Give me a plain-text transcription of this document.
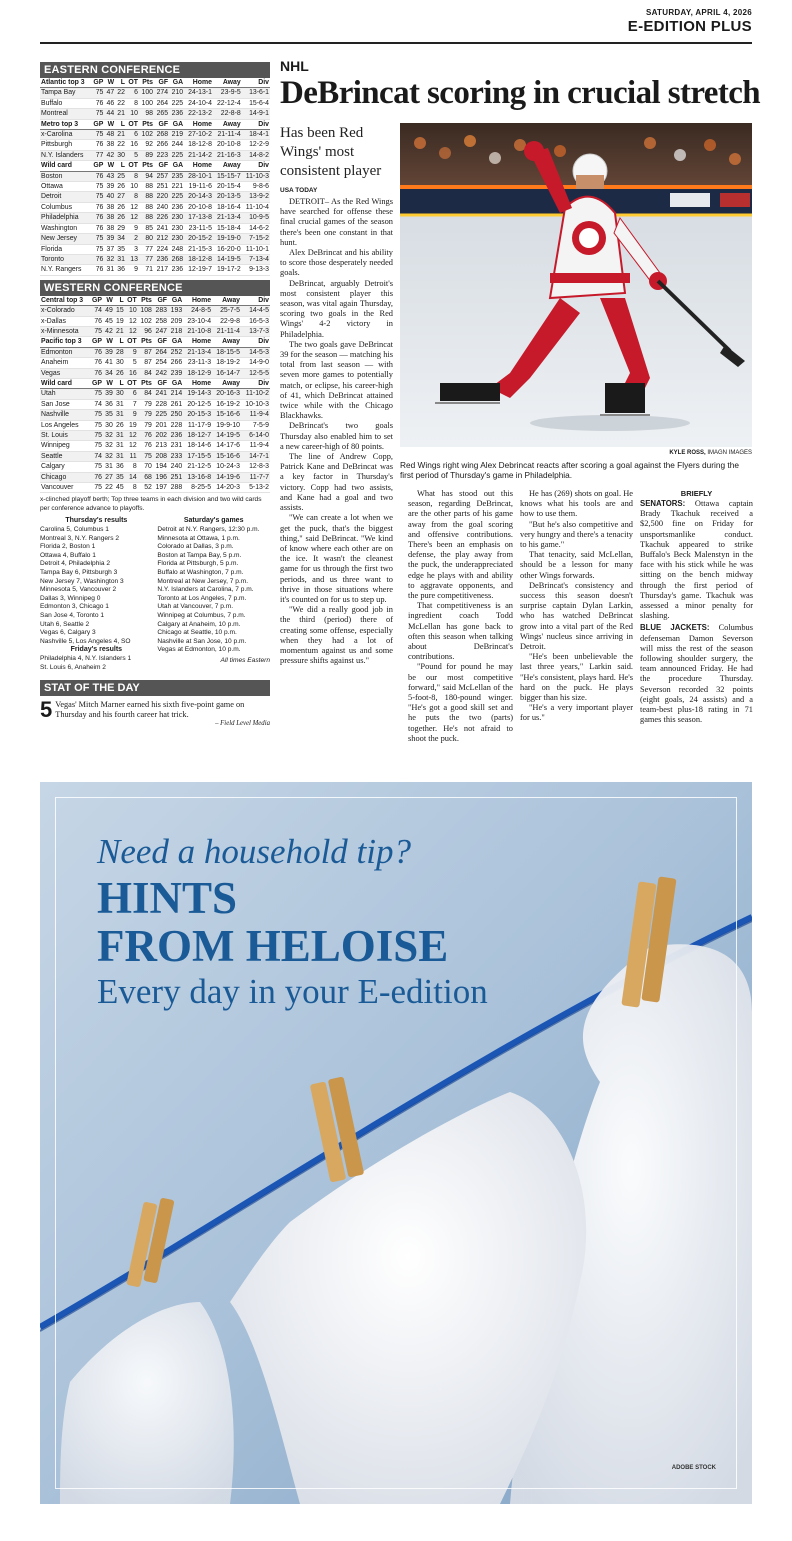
SATURDAY, APRIL 4, 2026
E-EDITION PLUS
EASTERN CONFERENCE
Atlantic top 3	GP	W	L	OT	Pts	GF	GA	Home	Away	Div
Tampa Bay	75	47	22	6	100	274	210	24-13-1	23-9-5	13-6-1
Buffalo	76	46	22	8	100	264	225	24-10-4	22-12-4	15-6-4
Montreal	75	44	21	10	98	265	236	22-13-2	22-8-8	14-9-1
Metro top 3	GP	W	L	OT	Pts	GF	GA	Home	Away	Div
x-Carolina	75	48	21	6	102	268	219	27-10-2	21-11-4	18-4-1
Pittsburgh	76	38	22	16	92	266	244	18-12-8	20-10-8	12-2-9
N.Y. Islanders	77	42	30	5	89	223	225	21-14-2	21-16-3	14-8-2
Wild card	GP	W	L	OT	Pts	GF	GA	Home	Away	Div
Boston	76	43	25	8	94	257	235	28-10-1	15-15-7	11-10-3
Ottawa	75	39	26	10	88	251	221	19-11-6	20-15-4	9-8-6
Detroit	75	40	27	8	88	220	225	20-14-3	20-13-5	13-9-2
Columbus	76	38	26	12	88	240	236	20-10-8	18-16-4	11-10-4
Philadelphia	76	38	26	12	88	226	230	17-13-8	21-13-4	10-9-5
Washington	76	38	29	9	85	241	230	23-11-5	15-18-4	14-6-2
New Jersey	75	39	34	2	80	212	230	20-15-2	19-19-0	7-15-2
Florida	75	37	35	3	77	224	248	21-15-3	16-20-0	11-10-1
Toronto	76	32	31	13	77	236	268	18-12-8	14-19-5	7-13-4
N.Y. Rangers	76	31	36	9	71	217	236	12-19-7	19-17-2	9-13-3
WESTERN CONFERENCE
Central top 3	GP	W	L	OT	Pts	GF	GA	Home	Away	Div
x-Colorado	74	49	15	10	108	283	193	24-8-5	25-7-5	14-4-5
x-Dallas	76	45	19	12	102	258	209	23-10-4	22-9-8	16-5-3
x-Minnesota	75	42	21	12	96	247	218	21-10-8	21-11-4	13-7-3
Pacific top 3	GP	W	L	OT	Pts	GF	GA	Home	Away	Div
Edmonton	76	39	28	9	87	264	252	21-13-4	18-15-5	14-5-3
Anaheim	76	41	30	5	87	254	266	23-11-3	18-19-2	14-9-0
Vegas	76	34	26	16	84	242	239	18-12-9	16-14-7	12-5-5
Wild card	GP	W	L	OT	Pts	GF	GA	Home	Away	Div
Utah	75	39	30	6	84	241	214	19-14-3	20-16-3	11-10-2
San Jose	74	36	31	7	79	228	261	20-12-5	16-19-2	10-10-3
Nashville	75	35	31	9	79	225	250	20-15-3	15-16-6	11-9-4
Los Angeles	75	30	26	19	79	201	228	11-17-9	19-9-10	7-5-9
St. Louis	75	32	31	12	76	202	236	18-12-7	14-19-5	6-14-0
Winnipeg	75	32	31	12	76	213	231	18-14-6	14-17-6	11-9-4
Seattle	74	32	31	11	75	208	233	17-15-5	15-16-6	14-7-1
Calgary	75	31	36	8	70	194	240	21-12-5	10-24-3	12-8-3
Chicago	76	27	35	14	68	196	251	13-16-8	14-19-6	11-7-7
Vancouver	75	22	45	8	52	197	288	8-25-5	14-20-3	5-13-2
x-clinched playoff berth; Top three teams in each division and two wild cards per conference advance to playoffs.
Thursday's results
Carolina 5, Columbus 1
Montreal 3, N.Y. Rangers 2
Florida 2, Boston 1
Ottawa 4, Buffalo 1
Detroit 4, Philadelphia 2
Tampa Bay 6, Pittsburgh 3
New Jersey 7, Washington 3
Minnesota 5, Vancouver 2
Dallas 3, Winnipeg 0
Edmonton 3, Chicago 1
San Jose 4, Toronto 1
Utah 6, Seattle 2
Vegas 6, Calgary 3
Nashville 5, Los Angeles 4, SO
Friday's results
Philadelphia 4, N.Y. Islanders 1
St. Louis 6, Anaheim 2
Saturday's games
Detroit at N.Y. Rangers, 12:30 p.m.
Minnesota at Ottawa, 1 p.m.
Colorado at Dallas, 3 p.m.
Boston at Tampa Bay, 5 p.m.
Florida at Pittsburgh, 5 p.m.
Buffalo at Washington, 7 p.m.
Montreal at New Jersey, 7 p.m.
N.Y. Islanders at Carolina, 7 p.m.
Toronto at Los Angeles, 7 p.m.
Utah at Vancouver, 7 p.m.
Winnipeg at Columbus, 7 p.m.
Calgary at Anaheim, 10 p.m.
Chicago at Seattle, 10 p.m.
Nashville at San Jose, 10 p.m.
Vegas at Edmonton, 10 p.m.
All times Eastern
STAT OF THE DAY
5 Vegas' Mitch Marner earned his sixth five-point game on Thursday and his fourth career hat trick.
– Field Level Media
NHL
DeBrincat scoring in crucial stretch
Has been Red Wings' most consistent player
USA TODAY

DETROIT– As the Red Wings have searched for offense these final crucial games of the season there's been one constant in that hunt.

Alex DeBrincat and his ability to score those desperately needed goals.

DeBrincat, arguably Detroit's most consistent player this season, was vital again Thursday, scoring two goals in the Red Wings' 4-2 victory in Philadelphia.

The two goals gave DeBrincat 39 for the season — matching his total from last season — with seven more games to potentially match, or eclipse, his career-high of 41, which DeBrincat attained twice while with the Chicago Blackhawks.

DeBrincat's two goals Thursday also enabled him to set a new career-high of 80 points.

The line of Andrew Copp, Patrick Kane and DeBrincat was a key factor in Thursday's victory. Copp had two assists, and Kane had a goal and two assists.

"We can create a lot when we get the puck, that's the biggest thing," said DeBrincat. "We kind of know where each other are on the ice. It wasn't the cleanest game for us through the first two periods, and us three want to thrive in those situations where it's counted on for us to step up.

"We did a really good job in the third (period) there of creating some offense, especially when they had a lot of momentum against us and some pressure shifts against us."

KYLE ROSS, IMAGN IMAGES
Red Wings right wing Alex Debrincat reacts after scoring a goal against the Flyers during the first period of Thursday's game in Philadelphia.

What has stood out this season, regarding DeBrincat, are the other parts of his game away from the goal scoring and offensive contributions. There's been an emphasis on defense, the play away from the puck, the underappreciated edge he plays with and ability to aggravate opponents, and the pure competitiveness.

That competitiveness is an ingredient coach Todd McLellan has gone back to often this season when talking about DeBrincat's contributions.

"Pound for pound he may be our most competitive forward," said McLellan of the 5-foot-8, 180-pound winger. "He's got a good skill set and he puts the two (parts) together. He's not afraid to shoot the puck.

He has (269) shots on goal. He knows what his tools are and how to use them.

"But he's also competitive and very hungry and there's a tenacity to his game."

That tenacity, said McLellan, should be a lesson for many other Wings forwards.

DeBrincat's consistency and success this season doesn't surprise captain Dylan Larkin, who has watched DeBrincat grow into a vital part of the Red Wings' nucleus since arriving in Detroit.

"He's been unbelievable the last three years," Larkin said. "He's consistent, plays hard. He's hard on the puck. He plays bigger than his size.

"He's a very important player for us."

BRIEFLY

SENATORS: Ottawa captain Brady Tkachuk received a $2,500 fine on Friday for unsportsmanlike conduct. Tkachuk appeared to strike Buffalo's Beck Malenstyn in the face with his stick while he was sitting on the bench midway through the first period of Thursday's game. Tkachuk was assessed a minor penalty for slashing.

BLUE JACKETS: Columbus defenseman Damon Severson will miss the rest of the season following shoulder surgery, the team announced Friday. He had the procedure Thursday. Severson recorded 32 points (eight goals, 24 assists) and a team-best plus-18 rating in 71 games this season.

Need a household tip?
HINTS
FROM HELOISE
Every day in your E-edition
ADOBE STOCK
